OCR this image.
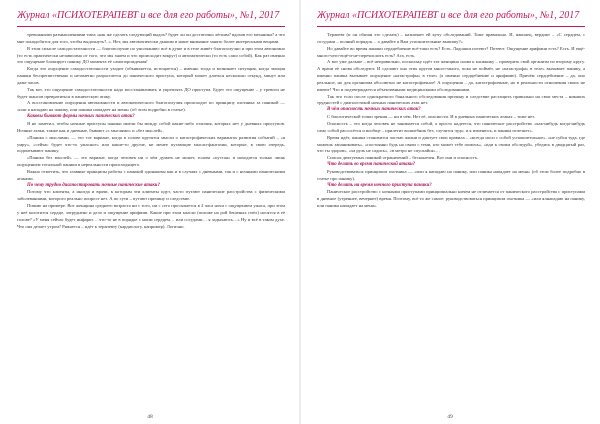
Журнал «ПСИХОТЕРАПЕВТ и все для его работы», №1, 2017

тревожными размышлениями типа «как же сделать следующий выдох? будет ли он достаточно лёгким? вдохов его механика? а что мне понадобится для того, чтобы выдохнуть?..». Нет, мы автоматически дышим и наше внимание занято более интересными вещами.

В этом смысле самодостаточности — благополучие по умолчанию: всё в душе и в теле живёт благополучно и при этом автономно (то есть практически независимо от того, что мы знаем и что происходит вокруг) и автоматически (то есть само собой). Как раз именно это ощущение блокирует панику ДО момента её самопорождения!

Когда это ощущение самодостаточности уходит (объявляется, истощается) – именно тогда и возникает ситуация, когда эмоция паники беспрепятственно и незаметно разрастается до панического приступа, который может длиться несколько секунд, минут или даже часов.

Так вот, это ощущение самодостаточности надо восстанавливать и укреплять ДО приступа. Будет это ощущение – у тревоги не будет шансов превратиться в паническую атаку.

А восстановление ощущения автономности и автоматического благополучия происходит по принципу охотника за паникой — «или я нападаю на панику, или паника нападает на меня» (об этом подробно в статье).

Каковы бывают формы ночных панических атак?

Я не заметил, чтобы ночные приступы паники имели бы между собой какие-либо отличия, которых нет у дневных приступов. Ночные атаки, также как и дневные, бывают «с мыслями» и «без мыслей».

«Паника с мыслями» — это тот вариант, когда в голове крутятся мысли о катастрофических вариантах развития событий – «я умру», «сейчас будет что-то ужасное» или какие-то другие, не менее пугающие мысли-фантазии, которые, в свою очередь, подпитывают панику.

«Паника без мыслей» — это вариант, когда человек ни о чём думать не может, голова «пустая» и находится только лишь ощущением тотальной паники в нереальности происходящего.

Важно отметить, что главные принципы работы с паникой одинаковы как и в случаях с дневными, так и с ночными паническими атаками.

По чему трудно диагностировать ночные панические атаки?

Потому что клиенты, а иногда и врачи, к которым эти клиенты идут, часто путают панические расстройства с физическими заболеваниями, которого реально попрост нет. А по сути – путают причину и следствие.

Помню на примере. Вот женщина среднего возраста ни с того, ни с сего просыпается в 2 часа ночи с ощущением ужаса, при этом у неё колотится сердце, затруднено и дело и ощущение арифмии. Какие при этом мысли (похоже на рой бешеных пчёл) носятся в её голове? «У меня сейчас будет инфаркт… что-то не в порядке с моим сердцем… или сосудами… я задыхаюсь…» Ну и всё в таком духе. Что она делает утром? Ряжается – идёт к терапевту (кардиологу, например). Логично.

48
Журнал «ПСИХОТЕРАПЕВТ и все для его работы», №1, 2017

Терапевт (и он обязан это сделать) – назначает ей кучу обследований. Тоже правильно. И, наконец, вердикт – «С сердцем, с сосудами – полный порядок… а давайте я Вам успокоительные выпишу?»

Но давайте во время паники сердцебиение всё-таки есть? Есть. Ладошки потеют? Потеют. Ощущение арифмии есть? Есть. И ещё-много-чего-ещё-и-не-перечислить есть? Ага, есть.

А вот уже дальше – всё неправильно, поскольку идёт эта женщина снова к кликнику – проверить свой организм по второму кругу. А врачи её снова обследуют. И сделают она этих кругов много-много, пока не поймёт, не «катастрофа» в теле» вызывает панику, а именно паника вызывает ощущение «катастрофы» в теле» (а именно сердцебиение и арифмию). Причём сердцебиение – да, оно реальное, но для организма абсолютно не катастрофичное! А ощущения – да, катастрофичные, но в реальности отношения своих не имеют! Что и подтверждается объективными медицинскими обследованиями.

Так что если после однократного банального обследования причину и следствие растащить правильно на свои места – никаких трудностей с диагностикой ночных панических атак нет.

В чём опасность ночных панических атак?

С биологической точки зрения — ни в чём. Нет её, опасности. И в дневных панических атаках – тоже нет.

Опасность – это когда человек не занимается собой, а просто надеется, что паническое расстройство «как-нибудь когда-нибудь само собой рассосётся и вообще – прилетит волшебник без, случится чудо, и я изменюсь, и паника исчезнет».

Время идёт, паника становится частью жизни и диктует свои правила – «всегда носи с собой успокоительное», «не суйся туда, где можешь запаниковать», «постоянно будь на связи с теми, кто может тебе помочь», «иди к своим обследуй», убедись в двадцатый раз, что ты здоров», «ха руль не садись», «в метро не спускайся»…

Список диктуемых паникой ограничений – бесконечен. Вот они и опасность.

Что делать во время панической атаки?

Руководствоваться принципом охотника — «или я нападаю на панику, или паника нападает на меня» (об этом более подробно в статье про панику).

Что делать на время ночного приступа паники?

Паническое расстройство с ночными приступами принципиально ничем не отличается от панического расстройства с приступами в дневное (утреннее, вечернее) время. Поэтому, всё то же самое: руководствоваться принципом охотника — «или ялнападаю на панику, или паника нападает на меня».

49
